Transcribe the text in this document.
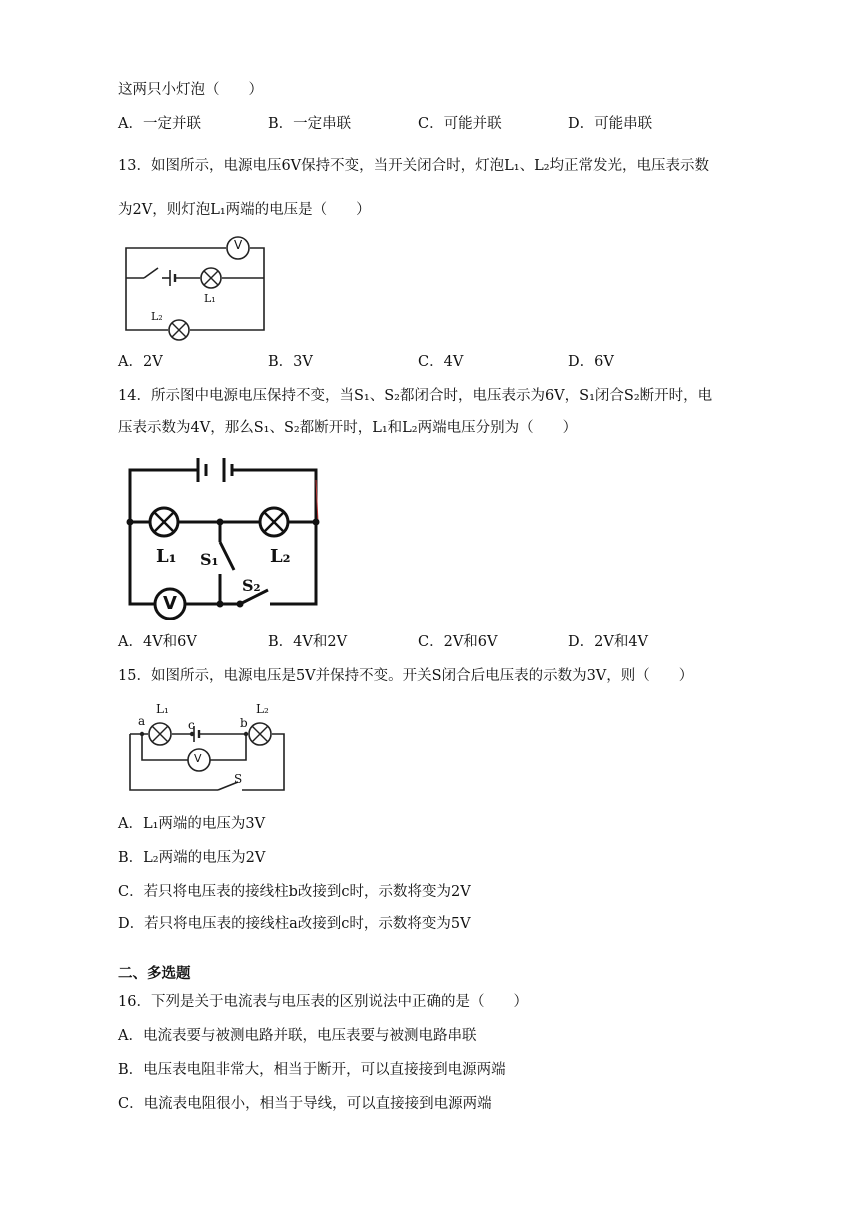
这两只小灯泡（　　）
A．一定并联	B．一定串联	C．可能并联	D．可能串联
13．如图所示，电源电压6V保持不变，当开关闭合时，灯泡L₁、L₂均正常发光，电压表示数
为2V，则灯泡L₁两端的电压是（　　）
V
L₁
L₂
A．2V	B．3V	C．4V	D．6V
14．所示图中电源电压保持不变，当S₁、S₂都闭合时，电压表示为6V，S₁闭合S₂断开时，电
压表示数为4V，那么S₁、S₂都断开时，L₁和L₂两端电压分别为（　　）
L₁	L₂
S₁
S₂
V
A．4V和6V	B．4V和2V	C．2V和6V	D．2V和4V
15．如图所示，电源电压是5V并保持不变。开关S闭合后电压表的示数为3V，则（　　）
a	c	b
L₁	L₂
V
S
A．L₁两端的电压为3V
B．L₂两端的电压为2V
C．若只将电压表的接线柱b改接到c时，示数将变为2V
D．若只将电压表的接线柱a改接到c时，示数将变为5V
二、多选题
16．下列是关于电流表与电压表的区别说法中正确的是（　　）
A．电流表要与被测电路并联，电压表要与被测电路串联
B．电压表电阻非常大，相当于断开，可以直接接到电源两端
C．电流表电阻很小，相当于导线，可以直接接到电源两端
